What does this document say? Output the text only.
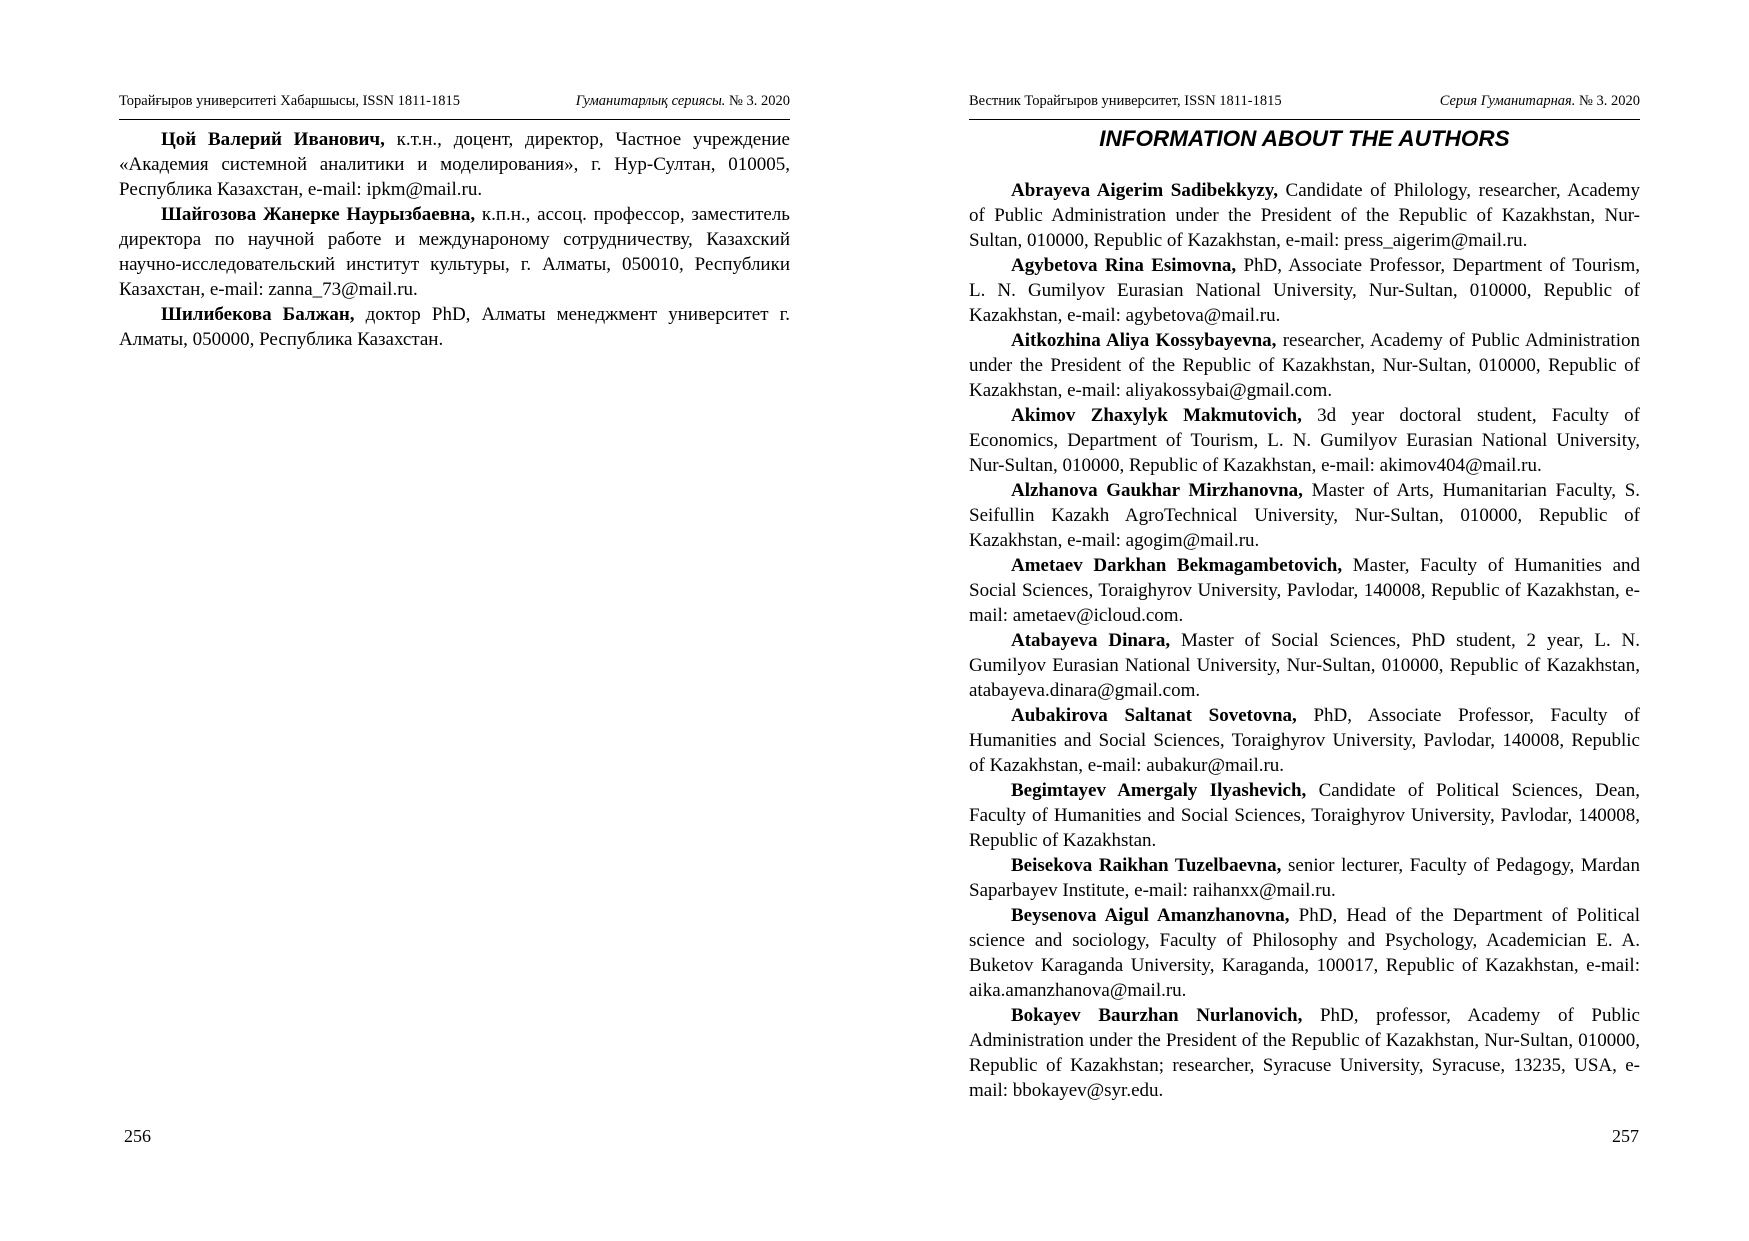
Торайғыров университеті Хабаршысы, ISSN 1811-1815	Гуманитарлық сериясы. № 3. 2020

Цой Валерий Иванович, к.т.н., доцент, директор, Частное учреждение «Академия системной аналитики и моделирования», г. Нур-Султан, 010005, Республика Казахстан, e-mail: ipkm@mail.ru.

Шайгозова Жанерке Наурызбаевна, к.п.н., ассоц. профессор, заместитель директора по научной работе и междунароному сотрудничеству, Казахский научно-исследовательский институт культуры, г. Алматы, 050010, Республики Казахстан, e-mail: zanna_73@mail.ru.

Шилибекова Балжан, доктор PhD, Алматы менеджмент университет г. Алматы, 050000, Республика Казахстан.

256
Вестник Торайгыров университет, ISSN 1811-1815	Серия Гуманитарная. № 3. 2020
INFORMATION ABOUT THE AUTHORS

Abrayeva Aigerim Sadibekkyzy, Candidate of Philology, researcher, Academy of Public Administration under the President of the Republic of Kazakhstan, Nur-Sultan, 010000, Republic of Kazakhstan, e-mail: press_aigerim@mail.ru.

Agybetova Rina Esimovna, PhD, Associate Professor, Department of Tourism, L. N. Gumilyov Eurasian National University, Nur-Sultan, 010000, Republic of Kazakhstan, e-mail: agybetova@mail.ru.

Aitkozhina Aliya Kossybayevna, researcher, Academy of Public Administration under the President of the Republic of Kazakhstan, Nur-Sultan, 010000, Republic of Kazakhstan, e-mail: aliyakossybai@gmail.com.

Akimov Zhaxylyk Makmutovich, 3d year doctoral student, Faculty of Economics, Department of Tourism, L. N. Gumilyov Eurasian National University, Nur-Sultan, 010000, Republic of Kazakhstan, e-mail: akimov404@mail.ru.

Alzhanova Gaukhar Mirzhanovna, Master of Arts, Humanitarian Faculty, S. Seifullin Kazakh AgroTechnical University, Nur-Sultan, 010000, Republic of Kazakhstan, e-mail: agogim@mail.ru.

Ametaev Darkhan Bekmagambetovich, Master, Faculty of Humanities and Social Sciences, Toraighyrov University, Pavlodar, 140008, Republic of Kazakhstan, e-mail: ametaev@icloud.com.

Atabayeva Dinara, Master of Social Sciences, PhD student, 2 year, L. N. Gumilyov Eurasian National University, Nur-Sultan, 010000, Republic of Kazakhstan, atabayeva.dinara@gmail.com.

Aubakirova Saltanat Sovetovna, PhD, Associate Professor, Faculty of Humanities and Social Sciences, Toraighyrov University, Pavlodar, 140008, Republic of Kazakhstan, e-mail: aubakur@mail.ru.

Begimtayev Amergaly Ilyashevich, Candidate of Political Sciences, Dean, Faculty of Humanities and Social Sciences, Toraighyrov University, Pavlodar, 140008, Republic of Kazakhstan.

Beisekova Raikhan Tuzelbaevna, senior lecturer, Faculty of Pedagogy, Mardan Saparbayev Institute, e-mail: raihanxx@mail.ru.

Beysenova Aigul Amanzhanovna, PhD, Head of the Department of Political science and sociology, Faculty of Philosophy and Psychology, Academician E. A. Buketov Karaganda University, Karaganda, 100017, Republic of Kazakhstan, e-mail: aika.amanzhanova@mail.ru.

Bokayev Baurzhan Nurlanovich, PhD, professor, Academy of Public Administration under the President of the Republic of Kazakhstan, Nur-Sultan, 010000, Republic of Kazakhstan; researcher, Syracuse University, Syracuse, 13235, USA, e-mail: bbokayev@syr.edu.

257
